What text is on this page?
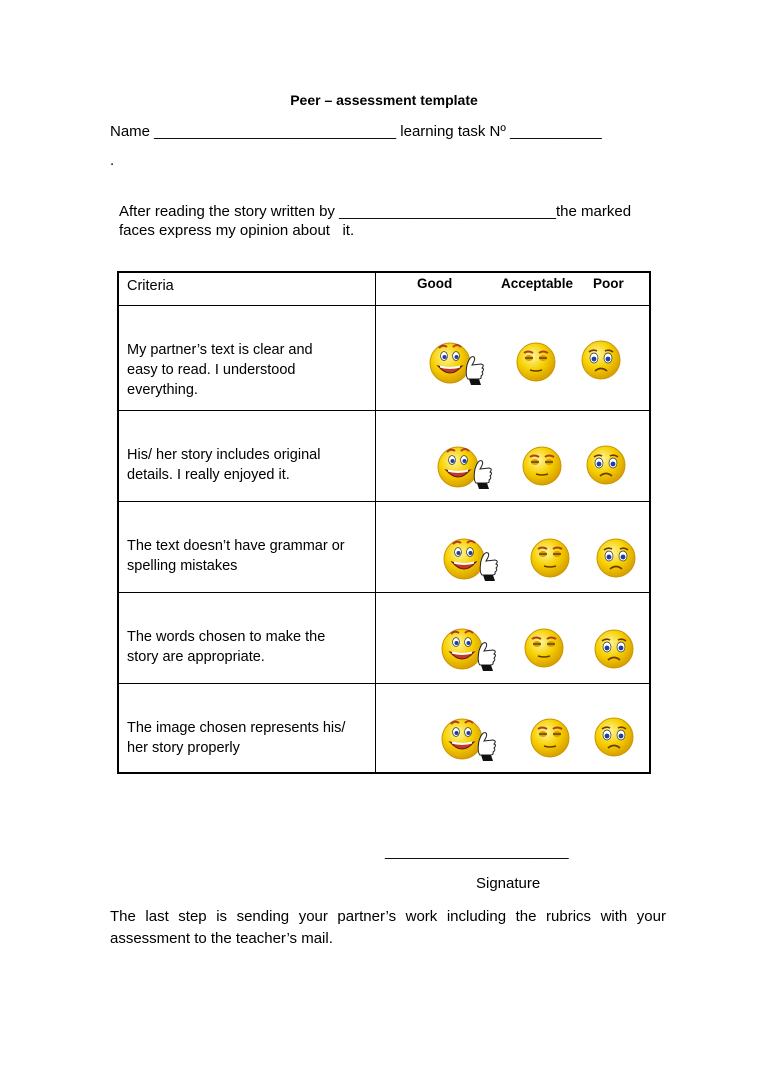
Peer – assessment template
Name _____________________________ learning task Nº ___________
.
After reading the story written by __________________________the marked
faces express my opinion about   it.
Criteria	Good	Acceptable Poor
My partner’s text is clear and
easy to read. I understood
everything.
His/ her story includes original
details. I really enjoyed it.
The text doesn’t have grammar or
spelling mistakes
The words chosen to make the
story are appropriate.
The image chosen represents his/
her story properly
______________________
Signature
The last step is sending your partner’s work including the rubrics with your
assessment to the teacher’s mail.
